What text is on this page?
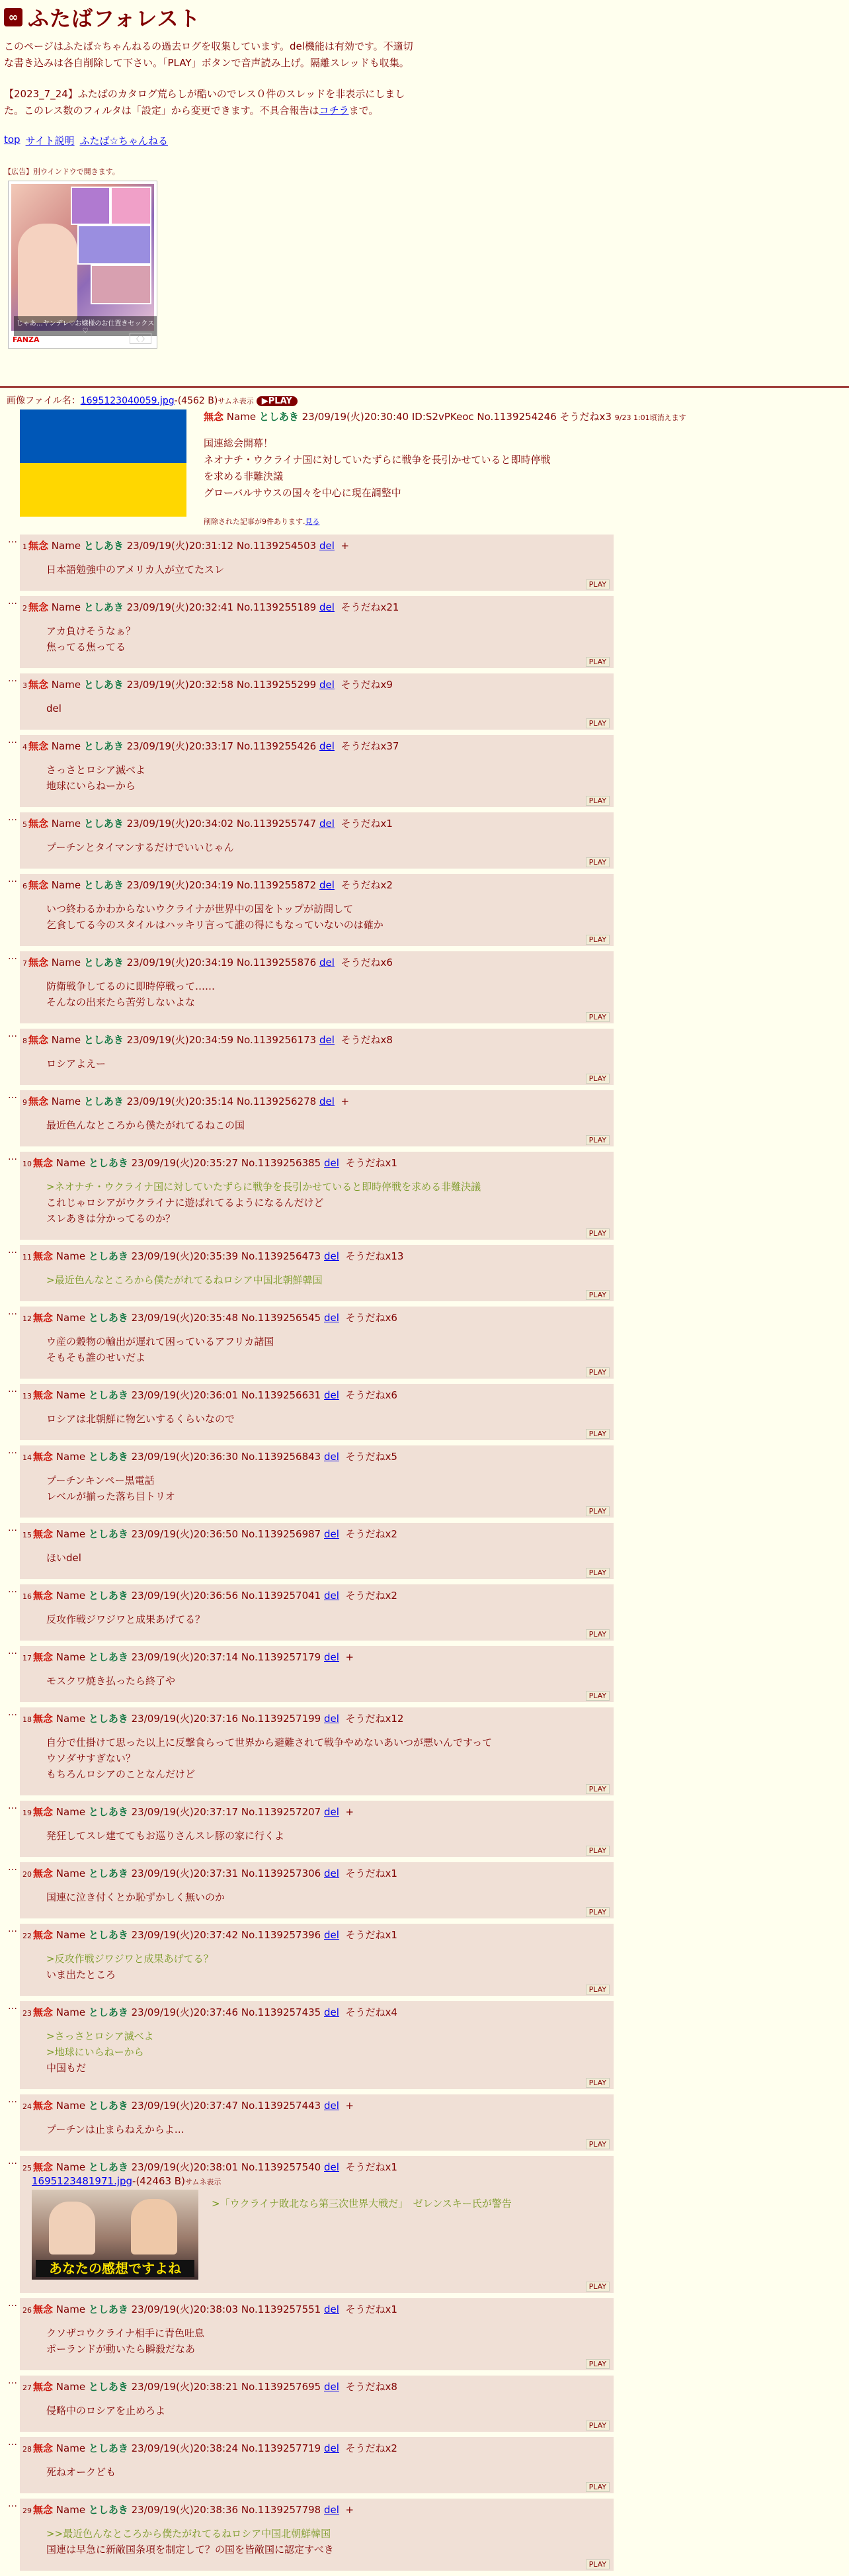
∞ ふたばフォレスト

このページはふたば☆ちゃんねるの過去ログを収集しています。del機能は有効です。不適切な書き込みは各自削除して下さい。「PLAY」ボタンで音声読み上げ。隔離スレッドも収集。

【2023_7_24】ふたばのカタログ荒らしが酷いのでレス０件のスレッドを非表示にしました。このレス数のフィルタは「設定」から変更できます。不具合報告はコチラまで。

top サイト説明 ふたば☆ちゃんねる
【広告】別ウインドウで開きます。
じゃあ…ヤンデレ♡お嬢様のお仕置きセックス♡
FANZA	〈 〉
画像ファイル名：1695123040059.jpg-(4562 B)サムネ表示 ▶PLAY
無念 Name としあき 23/09/19(火)20:30:40 ID:S2vPKeoc No.1139254246 そうだねx3 9/23 1:01頃消えます
国連総会開幕！
ネオナチ・ウクライナ国に対していたずらに戦争を長引かせていると即時停戦
を求める非難決議
グローバルサウスの国々を中心に現在調整中
削除された記事が9件あります.見る
…
1 無念 Name としあき 23/09/19(火)20:31:12 No.1139254503 del +
日本語勉強中のアメリカ人が立てたスレ
PLAY
…
2 無念 Name としあき 23/09/19(火)20:32:41 No.1139255189 del そうだねx21
アカ負けそうなぁ？
焦ってる焦ってる
PLAY
…
3 無念 Name としあき 23/09/19(火)20:32:58 No.1139255299 del そうだねx9
del
PLAY
…
4 無念 Name としあき 23/09/19(火)20:33:17 No.1139255426 del そうだねx37
さっさとロシア滅べよ
地球にいらねーから
PLAY
…
5 無念 Name としあき 23/09/19(火)20:34:02 No.1139255747 del そうだねx1
プーチンとタイマンするだけでいいじゃん
PLAY
…
6 無念 Name としあき 23/09/19(火)20:34:19 No.1139255872 del そうだねx2
いつ終わるかわからないウクライナが世界中の国をトップが訪問して
乞食してる今のスタイルはハッキリ言って誰の得にもなっていないのは確か
PLAY
…
7 無念 Name としあき 23/09/19(火)20:34:19 No.1139255876 del そうだねx6
防衛戦争してるのに即時停戦って……
そんなの出来たら苦労しないよな
PLAY
…
8 無念 Name としあき 23/09/19(火)20:34:59 No.1139256173 del そうだねx8
ロシアよえー
PLAY
…
9 無念 Name としあき 23/09/19(火)20:35:14 No.1139256278 del +
最近色んなところから僕たがれてるねこの国
PLAY
…
10 無念 Name としあき 23/09/19(火)20:35:27 No.1139256385 del そうだねx1
>ネオナチ・ウクライナ国に対していたずらに戦争を長引かせていると即時停戦を求める非難決議
これじゃロシアがウクライナに遊ばれてるようになるんだけど
スレあきは分かってるのか？
PLAY
…
11 無念 Name としあき 23/09/19(火)20:35:39 No.1139256473 del そうだねx13
>最近色んなところから僕たがれてるねロシア中国北朝鮮韓国
PLAY
…
12 無念 Name としあき 23/09/19(火)20:35:48 No.1139256545 del そうだねx6
ウ産の穀物の輸出が遅れて困っているアフリカ諸国
そもそも誰のせいだよ
PLAY
…
13 無念 Name としあき 23/09/19(火)20:36:01 No.1139256631 del そうだねx6
ロシアは北朝鮮に物乞いするくらいなので
PLAY
…
14 無念 Name としあき 23/09/19(火)20:36:30 No.1139256843 del そうだねx5
プーチンキンペー黒電話
レベルが揃った落ち目トリオ
PLAY
…
15 無念 Name としあき 23/09/19(火)20:36:50 No.1139256987 del そうだねx2
ほいdel
PLAY
…
16 無念 Name としあき 23/09/19(火)20:36:56 No.1139257041 del そうだねx2
反攻作戦ジワジワと成果あげてる？
PLAY
…
17 無念 Name としあき 23/09/19(火)20:37:14 No.1139257179 del +
モスクワ焼き払ったら終了や
PLAY
…
18 無念 Name としあき 23/09/19(火)20:37:16 No.1139257199 del そうだねx12
自分で仕掛けて思った以上に反撃食らって世界から避難されて戦争やめないあいつが悪いんですって
ウソダサすぎない？
もちろんロシアのことなんだけど
PLAY
…
19 無念 Name としあき 23/09/19(火)20:37:17 No.1139257207 del +
発狂してスレ建ててもお巡りさんスレ豚の家に行くよ
PLAY
…
20 無念 Name としあき 23/09/19(火)20:37:31 No.1139257306 del そうだねx1
国連に泣き付くとか恥ずかしく無いのか
PLAY
…
22 無念 Name としあき 23/09/19(火)20:37:42 No.1139257396 del そうだねx1
>反攻作戦ジワジワと成果あげてる？
いま出たところ
PLAY
…
23 無念 Name としあき 23/09/19(火)20:37:46 No.1139257435 del そうだねx4
>さっさとロシア滅べよ
>地球にいらねーから
中国もだ
PLAY
…
24 無念 Name としあき 23/09/19(火)20:37:47 No.1139257443 del +
プーチンは止まらねえからよ…
PLAY
…
25 無念 Name としあき 23/09/19(火)20:38:01 No.1139257540 del そうだねx1
1695123481971.jpg-(42463 B)サムネ表示
あなたの感想ですよね
>「ウクライナ敗北なら第三次世界大戦だ」　ゼレンスキー氏が警告
PLAY
…
26 無念 Name としあき 23/09/19(火)20:38:03 No.1139257551 del そうだねx1
クソザコウクライナ相手に青色吐息
ポーランドが動いたら瞬殺だなあ
PLAY
…
27 無念 Name としあき 23/09/19(火)20:38:21 No.1139257695 del そうだねx8
侵略中のロシアを止めろよ
PLAY
…
28 無念 Name としあき 23/09/19(火)20:38:24 No.1139257719 del そうだねx2
死ねオークども
PLAY
…
29 無念 Name としあき 23/09/19(火)20:38:36 No.1139257798 del +
>>最近色んなところから僕たがれてるねロシア中国北朝鮮韓国
国連は早急に新敵国条項を制定して？の国を皆敵国に認定すべき
PLAY
